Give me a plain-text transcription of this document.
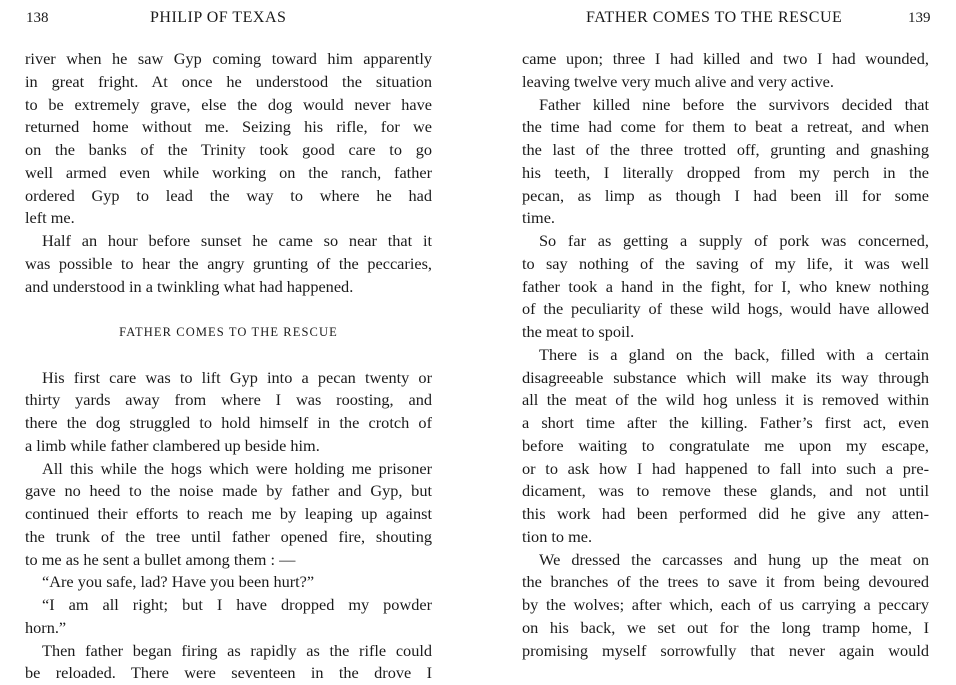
138	PHILIP OF TEXAS
river when he saw Gyp coming toward him apparently
in great fright. At once he understood the situation
to be extremely grave, else the dog would never have
returned home without me. Seizing his rifle, for we
on the banks of the Trinity took good care to go
well armed even while working on the ranch, father
ordered Gyp to lead the way to where he had
left me.
Half an hour before sunset he came so near that it
was possible to hear the angry grunting of the peccaries,
and understood in a twinkling what had happened.
FATHER COMES TO THE RESCUE
His first care was to lift Gyp into a pecan twenty or
thirty yards away from where I was roosting, and
there the dog struggled to hold himself in the crotch of
a limb while father clambered up beside him.
All this while the hogs which were holding me prisoner
gave no heed to the noise made by father and Gyp, but
continued their efforts to reach me by leaping up against
the trunk of the tree until father opened fire, shouting
to me as he sent a bullet among them : —
“Are you safe, lad? Have you been hurt?”
“I am all right; but I have dropped my powder
horn.”
Then father began firing as rapidly as the rifle could
be reloaded. There were seventeen in the drove I
FATHER COMES TO THE RESCUE	139
came upon; three I had killed and two I had wounded,
leaving twelve very much alive and very active.
Father killed nine before the survivors decided that
the time had come for them to beat a retreat, and when
the last of the three trotted off, grunting and gnashing
his teeth, I literally dropped from my perch in the
pecan, as limp as though I had been ill for some
time.
So far as getting a supply of pork was concerned,
to say nothing of the saving of my life, it was well
father took a hand in the fight, for I, who knew nothing
of the peculiarity of these wild hogs, would have allowed
the meat to spoil.
There is a gland on the back, filled with a certain
disagreeable substance which will make its way through
all the meat of the wild hog unless it is removed within
a short time after the killing. Father’s first act, even
before waiting to congratulate me upon my escape,
or to ask how I had happened to fall into such a pre-
dicament, was to remove these glands, and not until
this work had been performed did he give any atten-
tion to me.
We dressed the carcasses and hung up the meat on
the branches of the trees to save it from being devoured
by the wolves; after which, each of us carrying a peccary
on his back, we set out for the long tramp home, I
promising myself sorrowfully that never again would
